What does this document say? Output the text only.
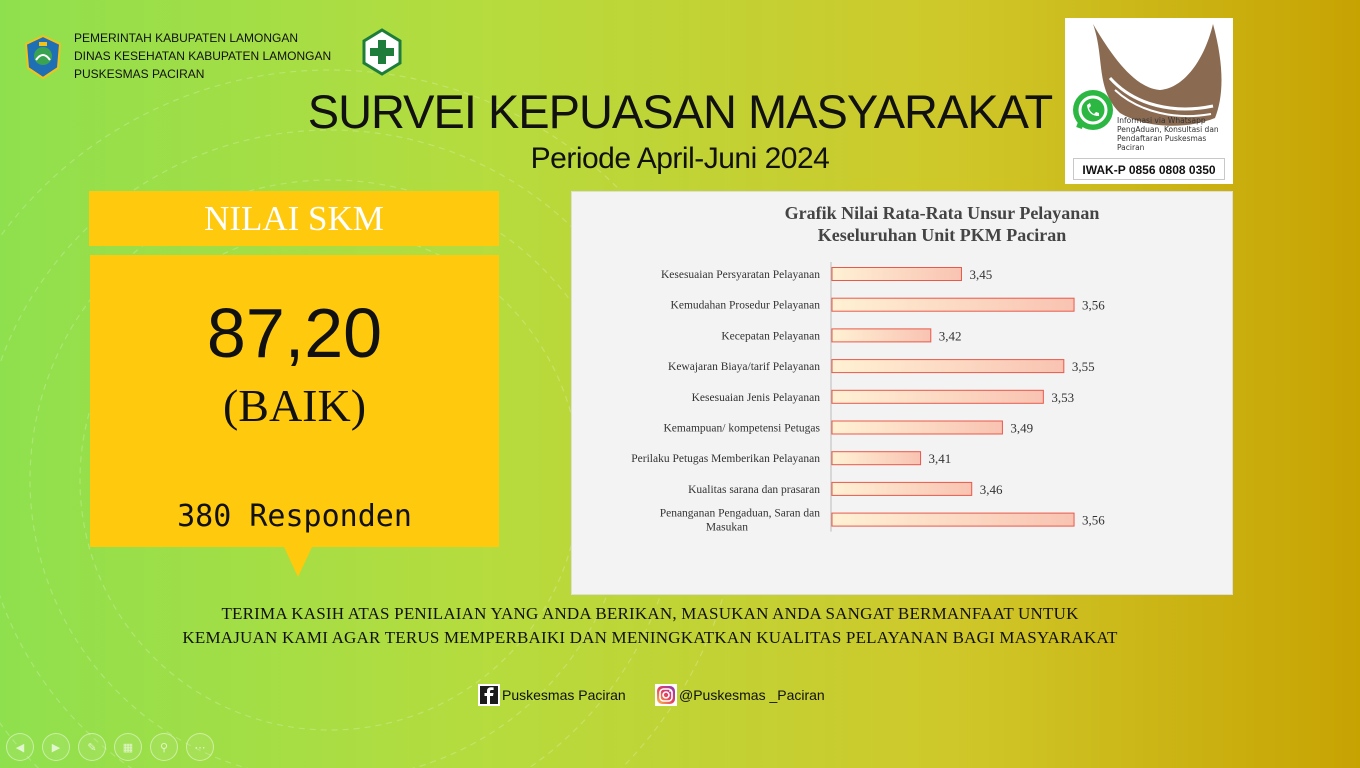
PEMERINTAH KABUPATEN LAMONGAN
DINAS KESEHATAN KABUPATEN LAMONGAN
PUSKESMAS PACIRAN
SURVEI KEPUASAN MASYARAKAT
Periode April-Juni 2024
Informasi via Whatsapp PengAduan, Konsultasi dan Pendaftaran Puskesmas Paciran
IWAK-P 0856 0808 0350
NILAI SKM
87,20
(BAIK)
380 Responden
Grafik Nilai Rata-Rata Unsur Pelayanan
Keseluruhan Unit PKM Paciran
Kesesuaian Persyaratan Pelayanan	3,45
Kemudahan Prosedur Pelayanan	3,56
Kecepatan Pelayanan	3,42
Kewajaran Biaya/tarif Pelayanan	3,55
Kesesuaian Jenis Pelayanan	3,53
Kemampuan/ kompetensi Petugas	3,49
Perilaku Petugas Memberikan Pelayanan	3,41
Kualitas sarana dan prasaran	3,46
Penanganan Pengaduan, Saran dan Masukan	3,56
TERIMA KASIH ATAS PENILAIAN YANG ANDA BERIKAN, MASUKAN ANDA SANGAT BERMANFAAT UNTUK
KEMAJUAN KAMI AGAR TERUS MEMPERBAIKI DAN MENINGKATKAN KUALITAS PELAYANAN BAGI MASYARAKAT
Puskesmas Paciran	@Puskesmas _Paciran
◀	▶	✎	▦	⚲	⋯
